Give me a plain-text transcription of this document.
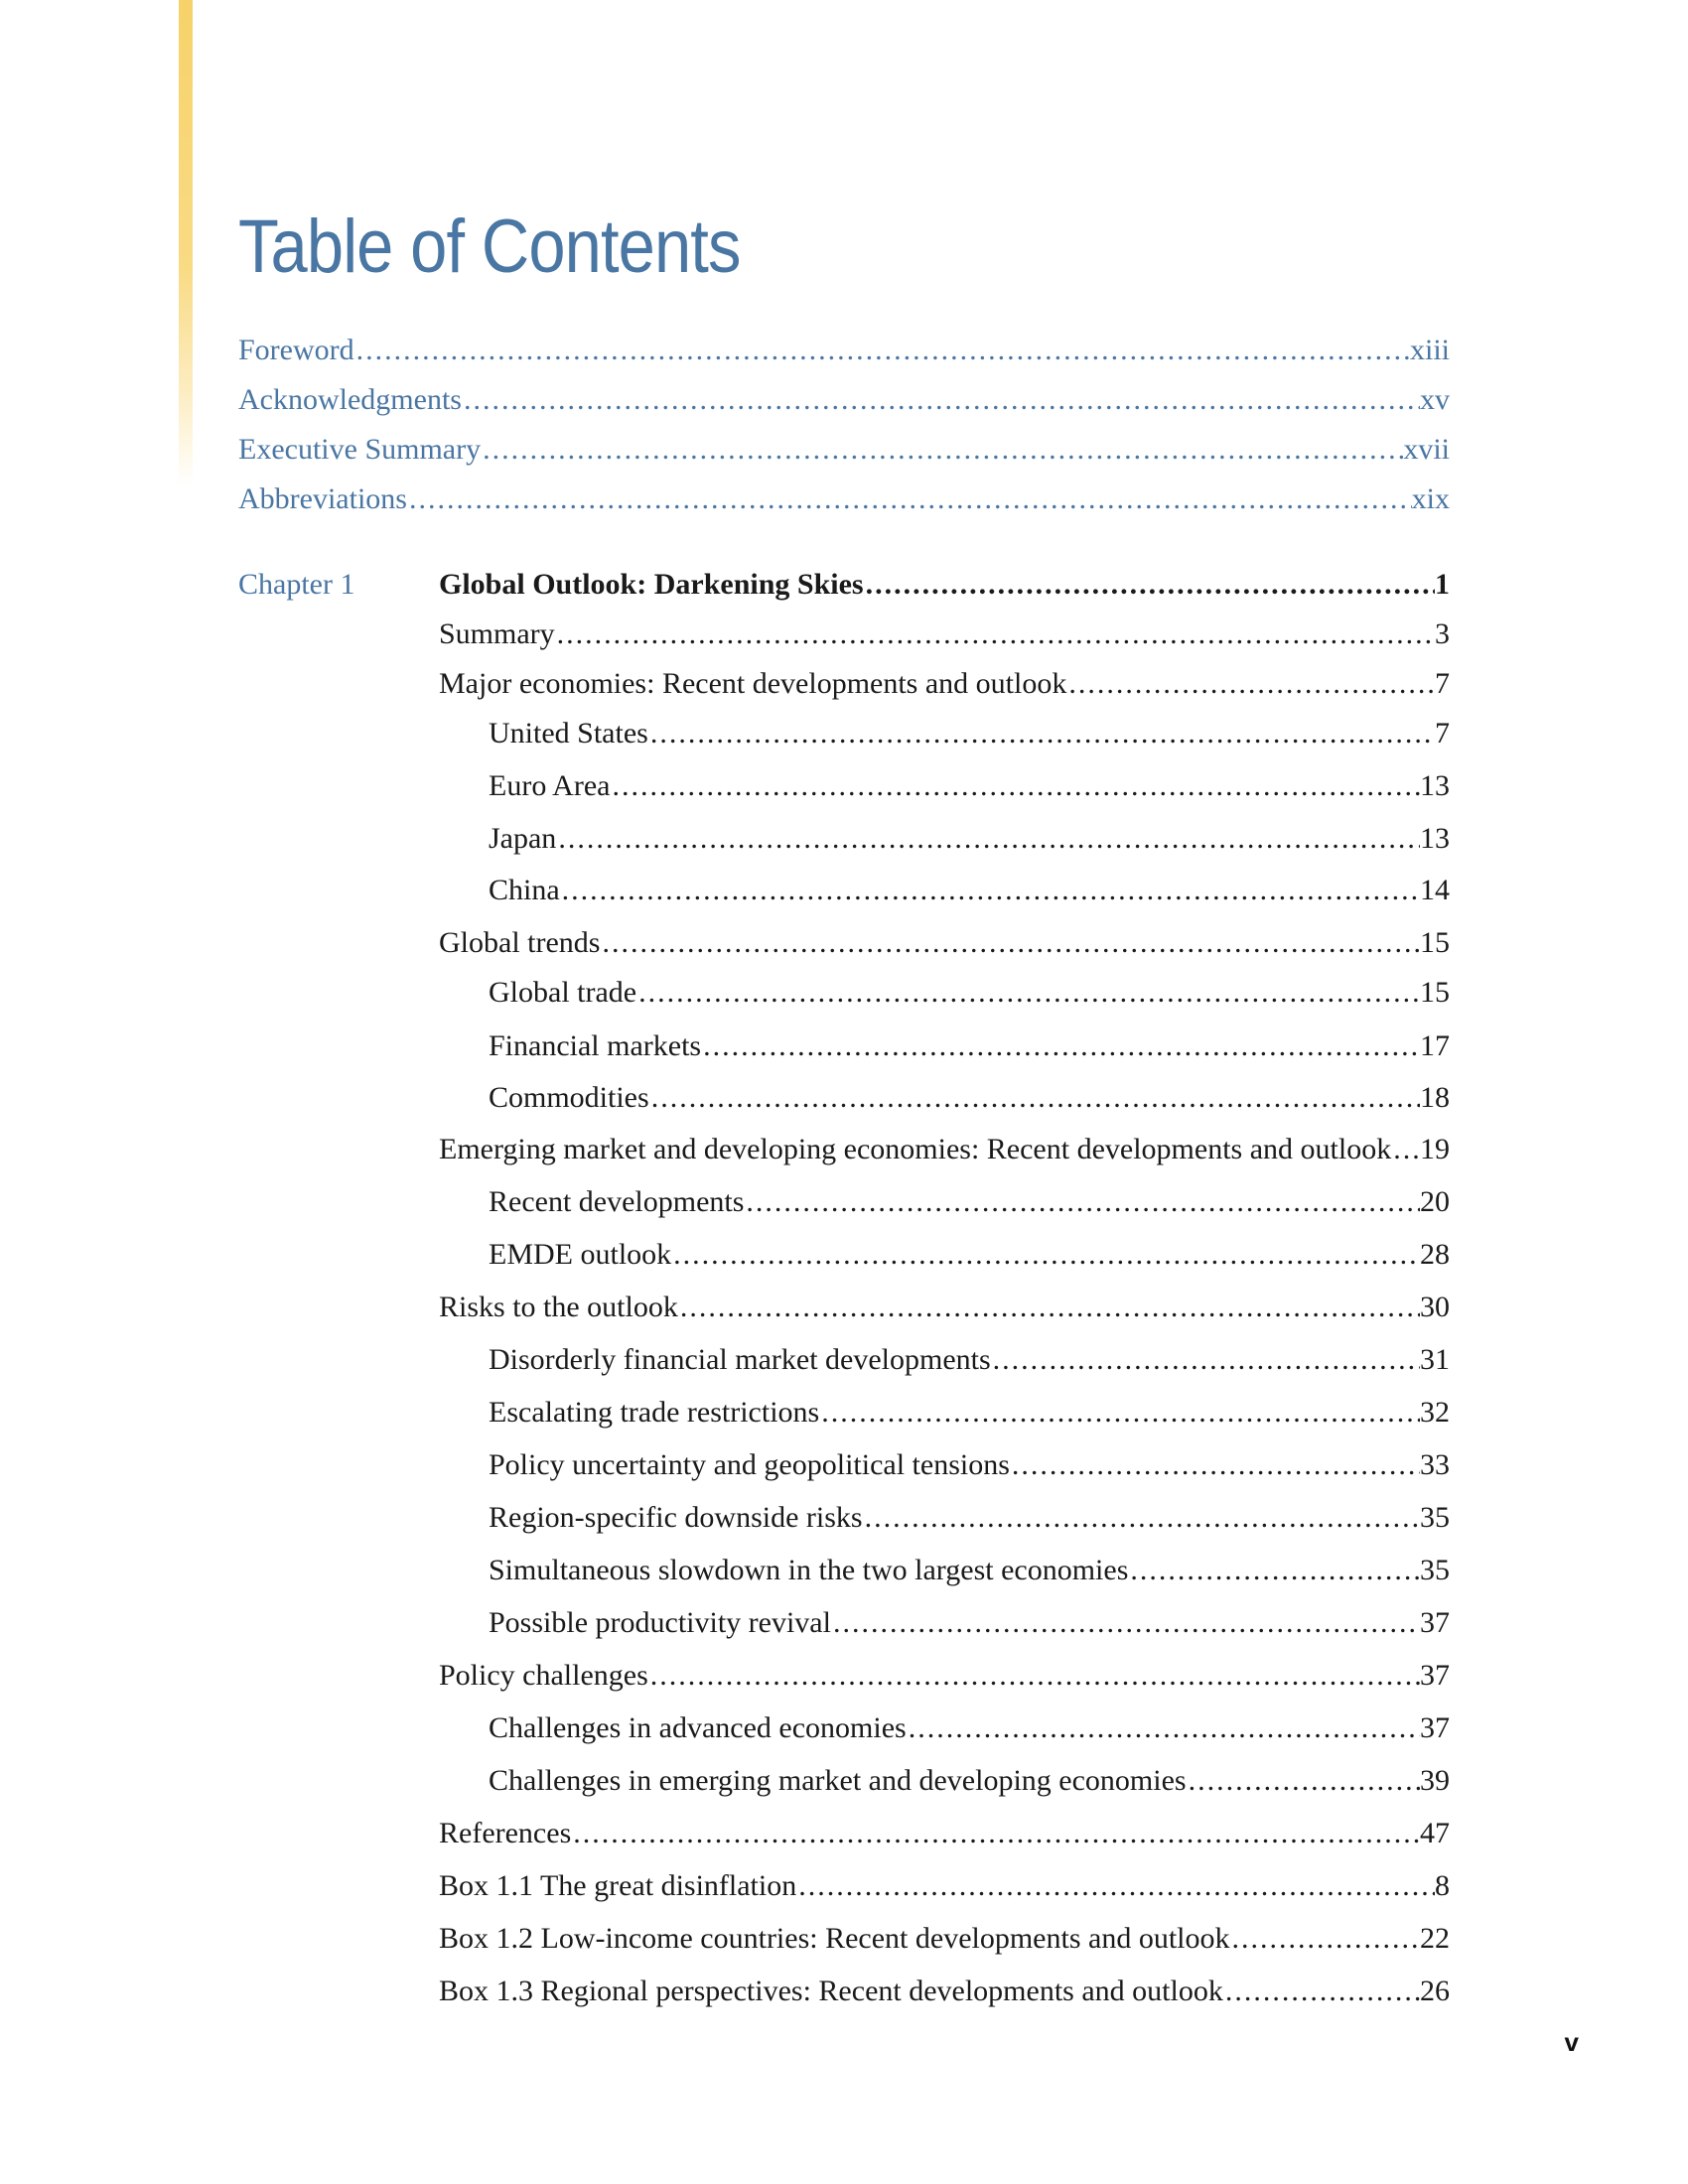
Table of Contents
Foreword .....	xiii
Acknowledgments .....	xv
Executive Summary .....	xvii
Abbreviations .....	xix
Chapter 1	Global Outlook: Darkening Skies .....	1
Summary .....	3
Major economies: Recent developments and outlook .....	7
United States .....	7
Euro Area .....	13
Japan .....	13
China .....	14
Global trends .....	15
Global trade .....	15
Financial markets .....	17
Commodities .....	18
Emerging market and developing economies: Recent developments and outlook ..... 19
Recent developments .....	20
EMDE outlook .....	28
Risks to the outlook .....	30
Disorderly financial market developments .....	31
Escalating trade restrictions .....	32
Policy uncertainty and geopolitical tensions .....	33
Region-specific downside risks .....	35
Simultaneous slowdown in the two largest economies .....	35
Possible productivity revival .....	37
Policy challenges .....	37
Challenges in advanced economies .....	37
Challenges in emerging market and developing economies .....	39
References .....	47
Box 1.1 The great disinflation .....	8
Box 1.2 Low-income countries: Recent developments and outlook .....	22
Box 1.3 Regional perspectives: Recent developments and outlook .....	26
v
